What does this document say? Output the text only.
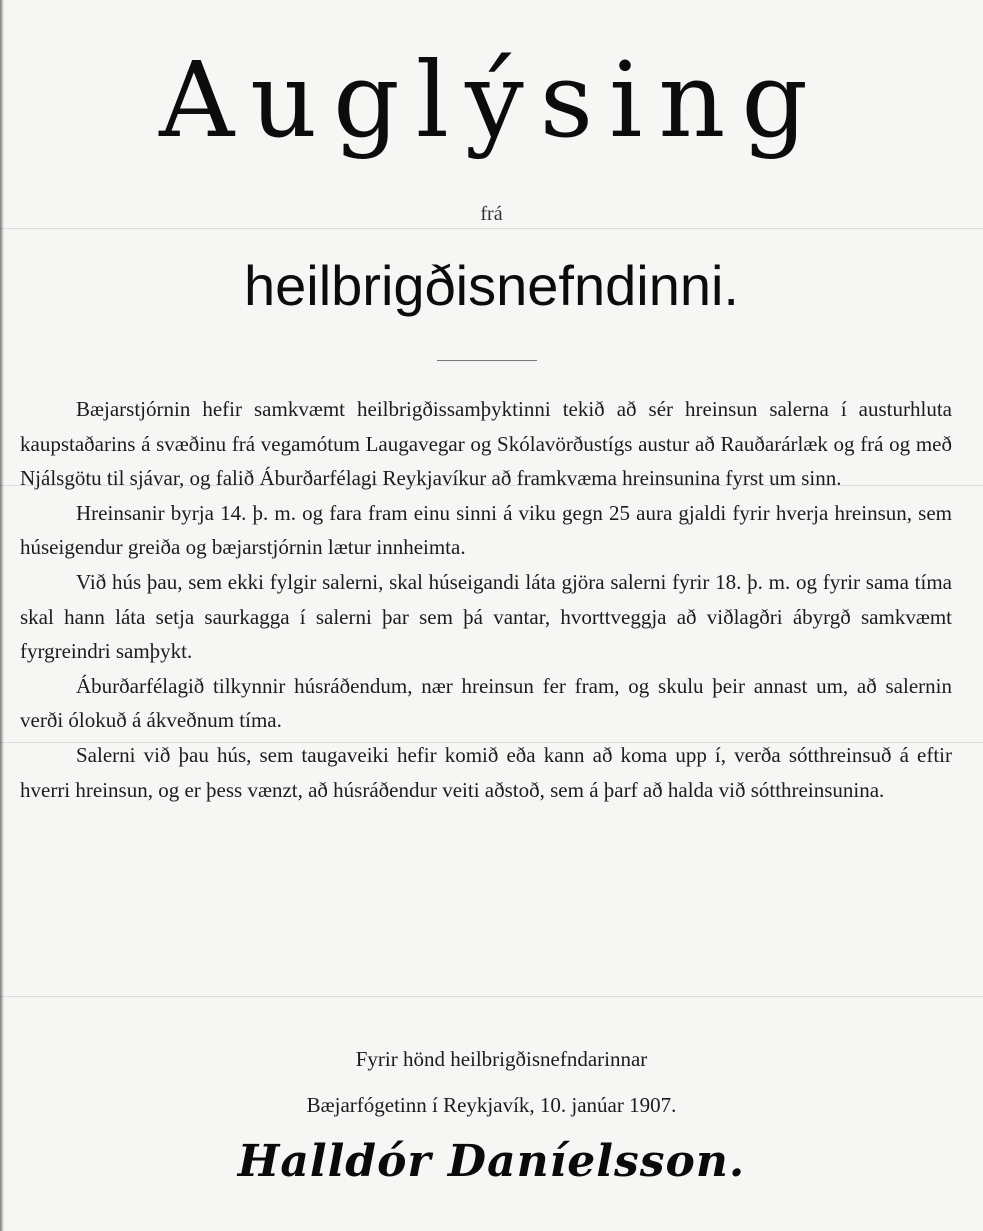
Auglýsing
frá
heilbrigðisnefndinni.

Bæjarstjórnin hefir samkvæmt heilbrigðissamþyktinni tekið að sér hreinsun salerna í austurhluta kaupstaðarins á svæðinu frá vegamótum Laugavegar og Skólavörðustígs austur að Rauðarárlæk og frá og með Njálsgötu til sjávar, og falið Áburðarfélagi Reykjavíkur að framkvæma hreinsunina fyrst um sinn.

Hreinsanir byrja 14. þ. m. og fara fram einu sinni á viku gegn 25 aura gjaldi fyrir hverja hreinsun, sem húseigendur greiða og bæjarstjórnin lætur innheimta.

Við hús þau, sem ekki fylgir salerni, skal húseigandi láta gjöra salerni fyrir 18. þ. m. og fyrir sama tíma skal hann láta setja saurkagga í salerni þar sem þá vantar, hvorttveggja að viðlagðri ábyrgð samkvæmt fyrgreindri samþykt.

Áburðarfélagið tilkynnir húsráðendum, nær hreinsun fer fram, og skulu þeir annast um, að salernin verði ólokuð á ákveðnum tíma.

Salerni við þau hús, sem taugaveiki hefir komið eða kann að koma upp í, verða sótthreinsuð á eftir hverri hreinsun, og er þess vænzt, að húsráðendur veiti aðstoð, sem á þarf að halda við sótthreinsunina.

Fyrir hönd heilbrigðisnefndarinnar
Bæjarfógetinn í Reykjavík, 10. janúar 1907.
Halldór Daníelsson.
